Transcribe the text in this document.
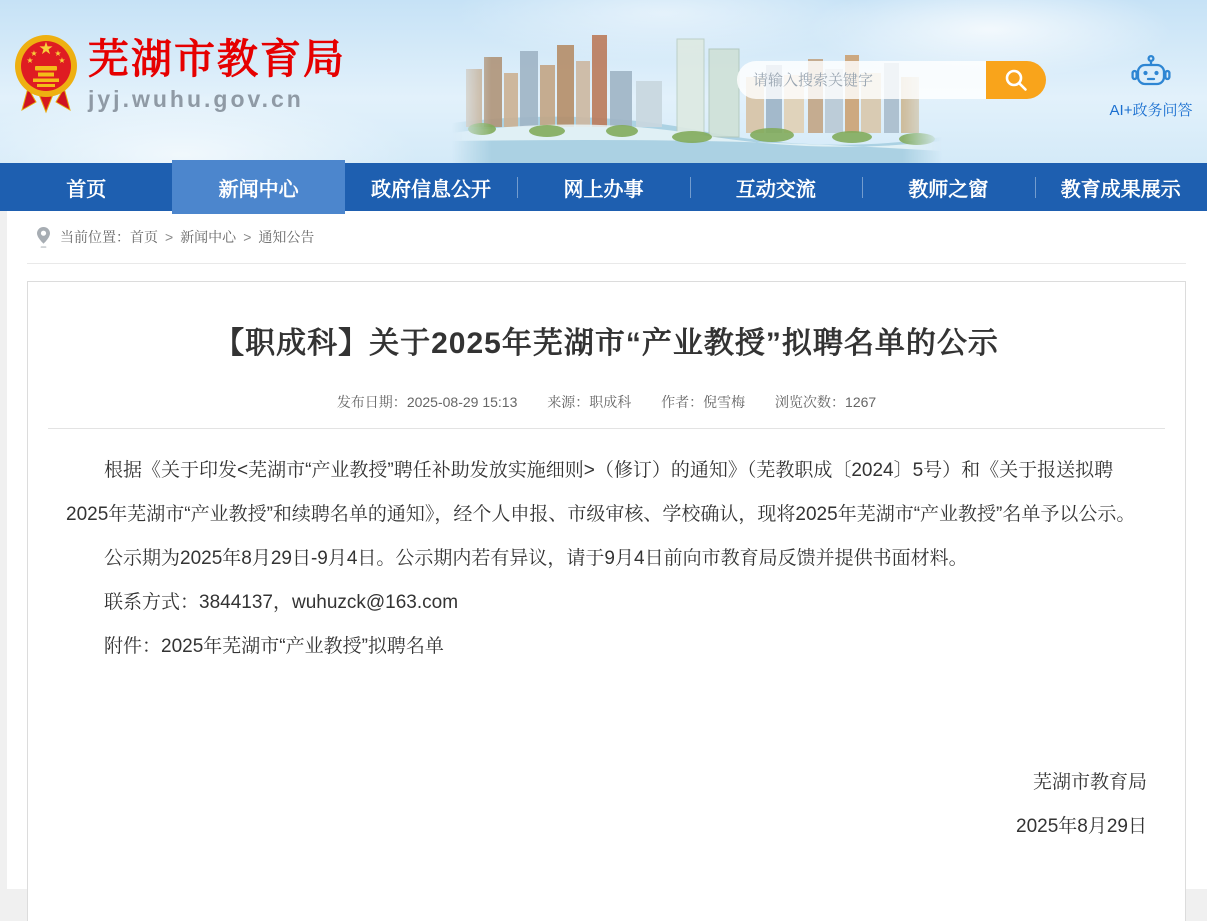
★
★ ★
★	★ 芜湖市教育局
jyj.wuhu.gov.cn
请输入搜索关键字	AI+政务问答
首页	新闻中心	政府信息公开	网上办事	互动交流	教师之窗	教育成果展示
当前位置： 首页 > 新闻中心 > 通知公告
【职成科】关于2025年芜湖市“产业教授”拟聘名单的公示
发布日期：2025-08-29 15:13 来源：职成科 作者：倪雪梅 浏览次数：1267

根据《关于印发<芜湖市“产业教授”聘任补助发放实施细则>（修订）的通知》（芜教职成〔2024〕5号）和《关于报送拟聘2025年芜湖市“产业教授”和续聘名单的通知》，经个人申报、市级审核、学校确认，现将2025年芜湖市“产业教授”名单予以公示。

公示期为2025年8月29日-9月4日。公示期内若有异议，请于9月4日前向市教育局反馈并提供书面材料。

联系方式：3844137，wuhuzck@163.com

附件：2025年芜湖市“产业教授”拟聘名单

芜湖市教育局
2025年8月29日
